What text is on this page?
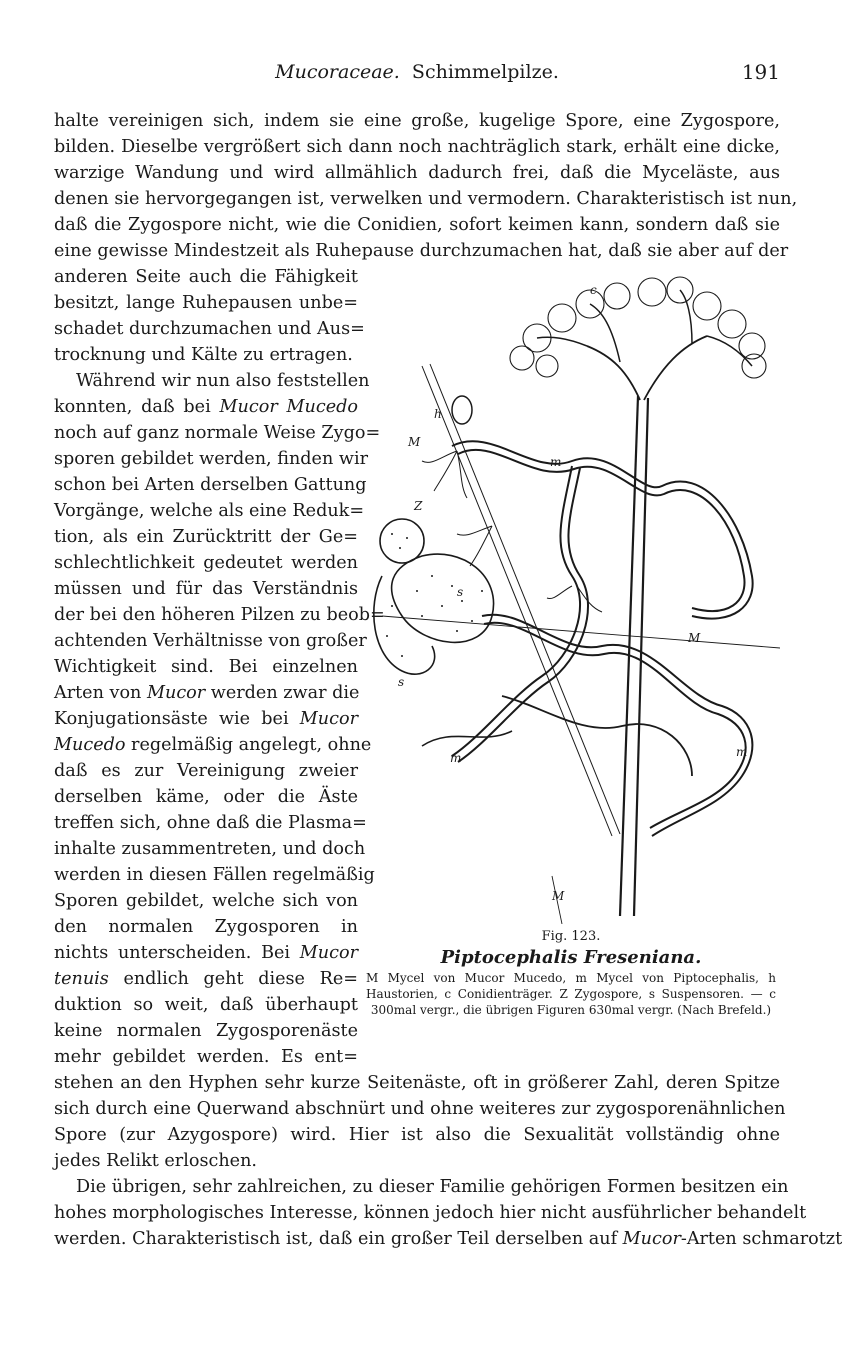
Mucoraceae. Schimmelpilze.	191
halte vereinigen sich, indem sie eine große, kugelige Spore, eine Zygospore,
bilden. Dieselbe vergrößert sich dann noch nachträglich stark, erhält eine dicke,
warzige Wandung und wird allmählich dadurch frei, daß die Myceläste, aus
denen sie hervorgegangen ist, verwelken und vermodern. Charakteristisch ist nun,
daß die Zygospore nicht, wie die Conidien, sofort keimen kann, sondern daß sie
eine gewisse Mindestzeit als Ruhepause durchzumachen hat, daß sie aber auf der
anderen Seite auch die Fähigkeit
besitzt, lange Ruhepausen unbe=
schadet durchzumachen und Aus=
trocknung und Kälte zu ertragen.
Während wir nun also feststellen
konnten, daß bei Mucor Mucedo
noch auf ganz normale Weise Zygo=
sporen gebildet werden, finden wir
schon bei Arten derselben Gattung
Vorgänge, welche als eine Reduk=
tion, als ein Zurücktritt der Ge=
schlechtlichkeit gedeutet werden
müssen und für das Verständnis
der bei den höheren Pilzen zu beob=
achtenden Verhältnisse von großer
Wichtigkeit sind. Bei einzelnen
Arten von Mucor werden zwar die
Konjugationsäste wie bei Mucor
Mucedo regelmäßig angelegt, ohne
daß es zur Vereinigung zweier
derselben käme, oder die Äste
treffen sich, ohne daß die Plasma=
inhalte zusammentreten, und doch
werden in diesen Fällen regelmäßig
Sporen gebildet, welche sich von
den normalen Zygosporen in
nichts unterscheiden. Bei Mucor
tenuis endlich geht diese Re=
duktion so weit, daß überhaupt
keine normalen Zygosporenäste
mehr gebildet werden. Es ent=
stehen an den Hyphen sehr kurze Seitenäste, oft in größerer Zahl, deren Spitze
sich durch eine Querwand abschnürt und ohne weiteres zur zygosporenähnlichen
Spore (zur Azygospore) wird. Hier ist also die Sexualität vollständig ohne
jedes Relikt erloschen.
Die übrigen, sehr zahlreichen, zu dieser Familie gehörigen Formen besitzen ein
hohes morphologisches Interesse, können jedoch hier nicht ausführlicher behandelt
werden. Charakteristisch ist, daß ein großer Teil derselben auf Mucor-Arten schmarotzt
c
h
M
m
Z
s
s
M
m	m
M
Fig. 123.
Piptocephalis Freseniana.
M Mycel von Mucor Mucedo, m Mycel von Piptocephalis, h Haustorien, c Conidienträger. Z Zygospore, s Suspensoren. — c 300mal vergr., die übrigen Figuren 630mal vergr. (Nach Brefeld.)
